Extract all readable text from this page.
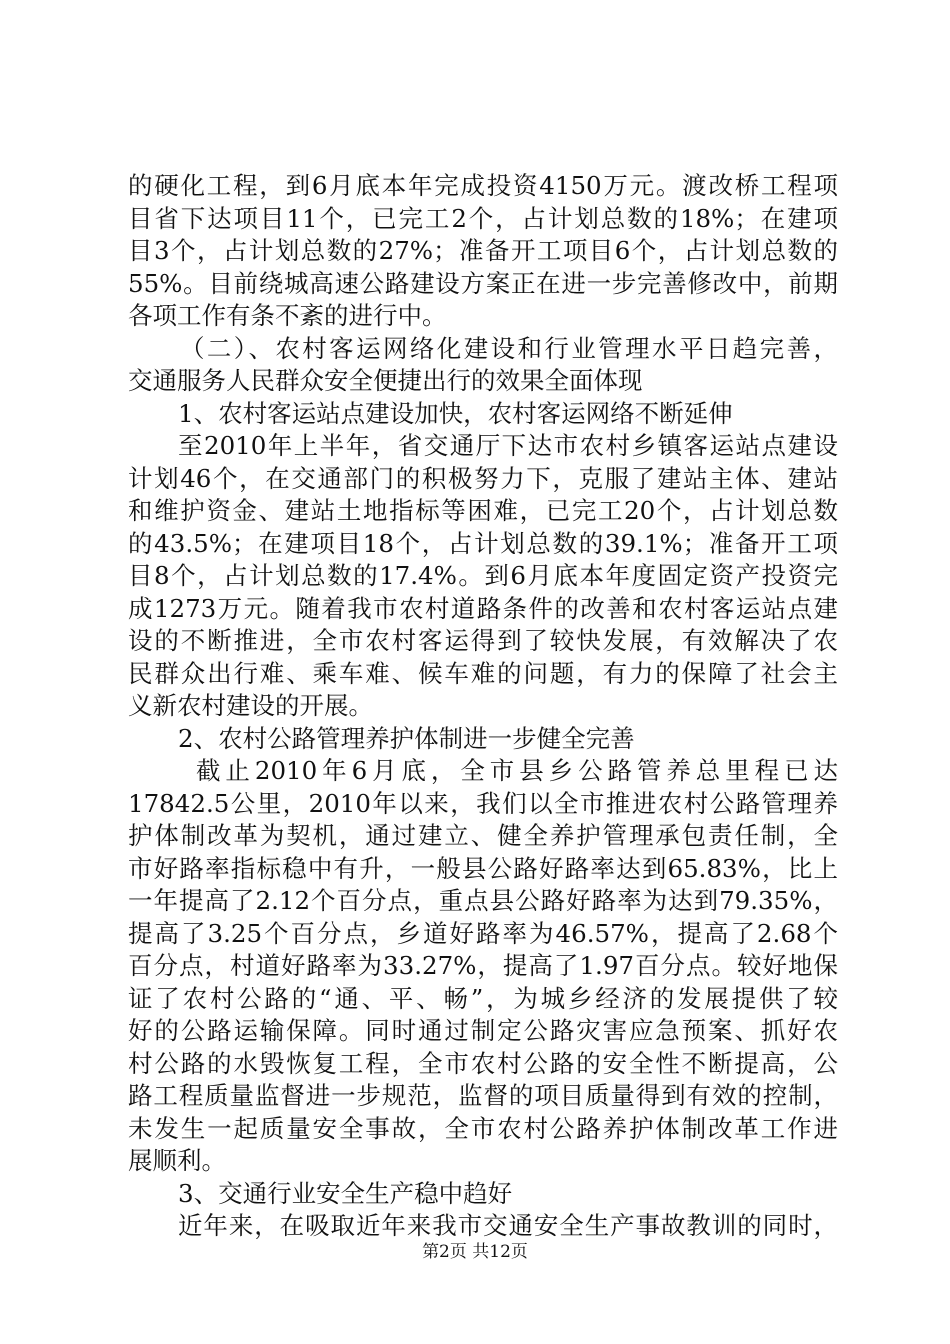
的硬化工程，到6月底本年完成投资4150万元。渡改桥工程项
目省下达项目11个，已完工2个，占计划总数的18%；在建项
目3个，占计划总数的27%；准备开工项目6个，占计划总数的
55%。目前绕城高速公路建设方案正在进一步完善修改中，前期
各项工作有条不紊的进行中。
（二）、农村客运网络化建设和行业管理水平日趋完善，
交通服务人民群众安全便捷出行的效果全面体现
1、农村客运站点建设加快，农村客运网络不断延伸
至2010年上半年，省交通厅下达市农村乡镇客运站点建设
计划46个，在交通部门的积极努力下，克服了建站主体、建站
和维护资金、建站土地指标等困难，已完工20个，占计划总数
的43.5%；在建项目18个，占计划总数的39.1%；准备开工项
目8个，占计划总数的17.4%。到6月底本年度固定资产投资完
成1273万元。随着我市农村道路条件的改善和农村客运站点建
设的不断推进，全市农村客运得到了较快发展，有效解决了农
民群众出行难、乘车难、候车难的问题，有力的保障了社会主
义新农村建设的开展。
2、农村公路管理养护体制进一步健全完善
截止2010年6月底，全市县乡公路管养总里程已达
17842.5公里，2010年以来，我们以全市推进农村公路管理养
护体制改革为契机，通过建立、健全养护管理承包责任制，全
市好路率指标稳中有升，一般县公路好路率达到65.83%，比上
一年提高了2.12个百分点，重点县公路好路率为达到79.35%，
提高了3.25个百分点，乡道好路率为46.57%，提高了2.68个
百分点，村道好路率为33.27%，提高了1.97百分点。较好地保
证了农村公路的“通、平、畅”，为城乡经济的发展提供了较
好的公路运输保障。同时通过制定公路灾害应急预案、抓好农
村公路的水毁恢复工程，全市农村公路的安全性不断提高，公
路工程质量监督进一步规范，监督的项目质量得到有效的控制，
未发生一起质量安全事故，全市农村公路养护体制改革工作进
展顺利。
3、交通行业安全生产稳中趋好
近年来，在吸取近年来我市交通安全生产事故教训的同时，
第2页 共12页
